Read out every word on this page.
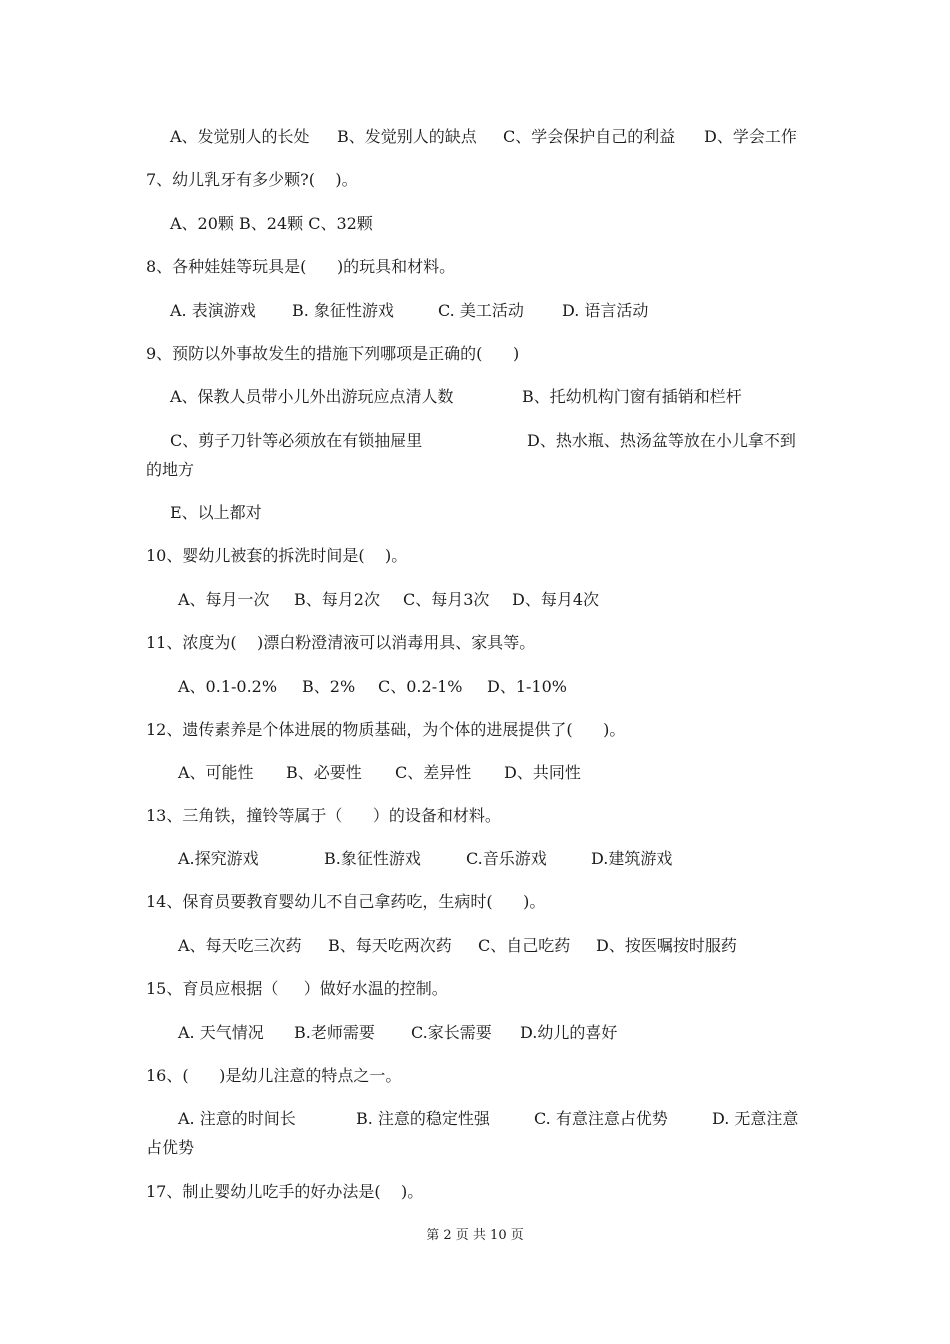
A、发觉别人的长处 B、发觉别人的缺点 C、学会保护自己的利益 D、学会工作
7、幼儿乳牙有多少颗?(    )。
A、20颗 B、24颗 C、32颗
8、各种娃娃等玩具是(      )的玩具和材料。
A. 表演游戏 B. 象征性游戏	C. 美工活动 D. 语言活动
9、预防以外事故发生的措施下列哪项是正确的(      )
A、保教人员带小儿外出游玩应点清人数	B、托幼机构门窗有插销和栏杆
C、剪子刀针等必须放在有锁抽屉里	D、热水瓶、热汤盆等放在小儿拿不到
的地方
E、以上都对
10、婴幼儿被套的拆洗时间是(    )。
A、每月一次 B、每月2次 C、每月3次 D、每月4次
11、浓度为(    )漂白粉澄清液可以消毒用具、家具等。
A、0.1-0.2% B、2% C、0.2-1% D、1-10%
12、遗传素养是个体进展的物质基础，为个体的进展提供了(      )。
A、可能性 B、必要性 C、差异性 D、共同性
13、三角铁，撞铃等属于（      ）的设备和材料。
A.探究游戏	B.象征性游戏	C.音乐游戏	D.建筑游戏
14、保育员要教育婴幼儿不自己拿药吃，生病时(      )。
A、每天吃三次药 B、每天吃两次药 C、自己吃药 D、按医嘱按时服药
15、育员应根据（     ）做好水温的控制。
A. 天气情况 B.老师需要 C.家长需要 D.幼儿的喜好
16、(      )是幼儿注意的特点之一。
A. 注意的时间长	B. 注意的稳定性强	C. 有意注意占优势	D. 无意注意
占优势
17、制止婴幼儿吃手的好办法是(    )。
第 2 页 共 10 页
